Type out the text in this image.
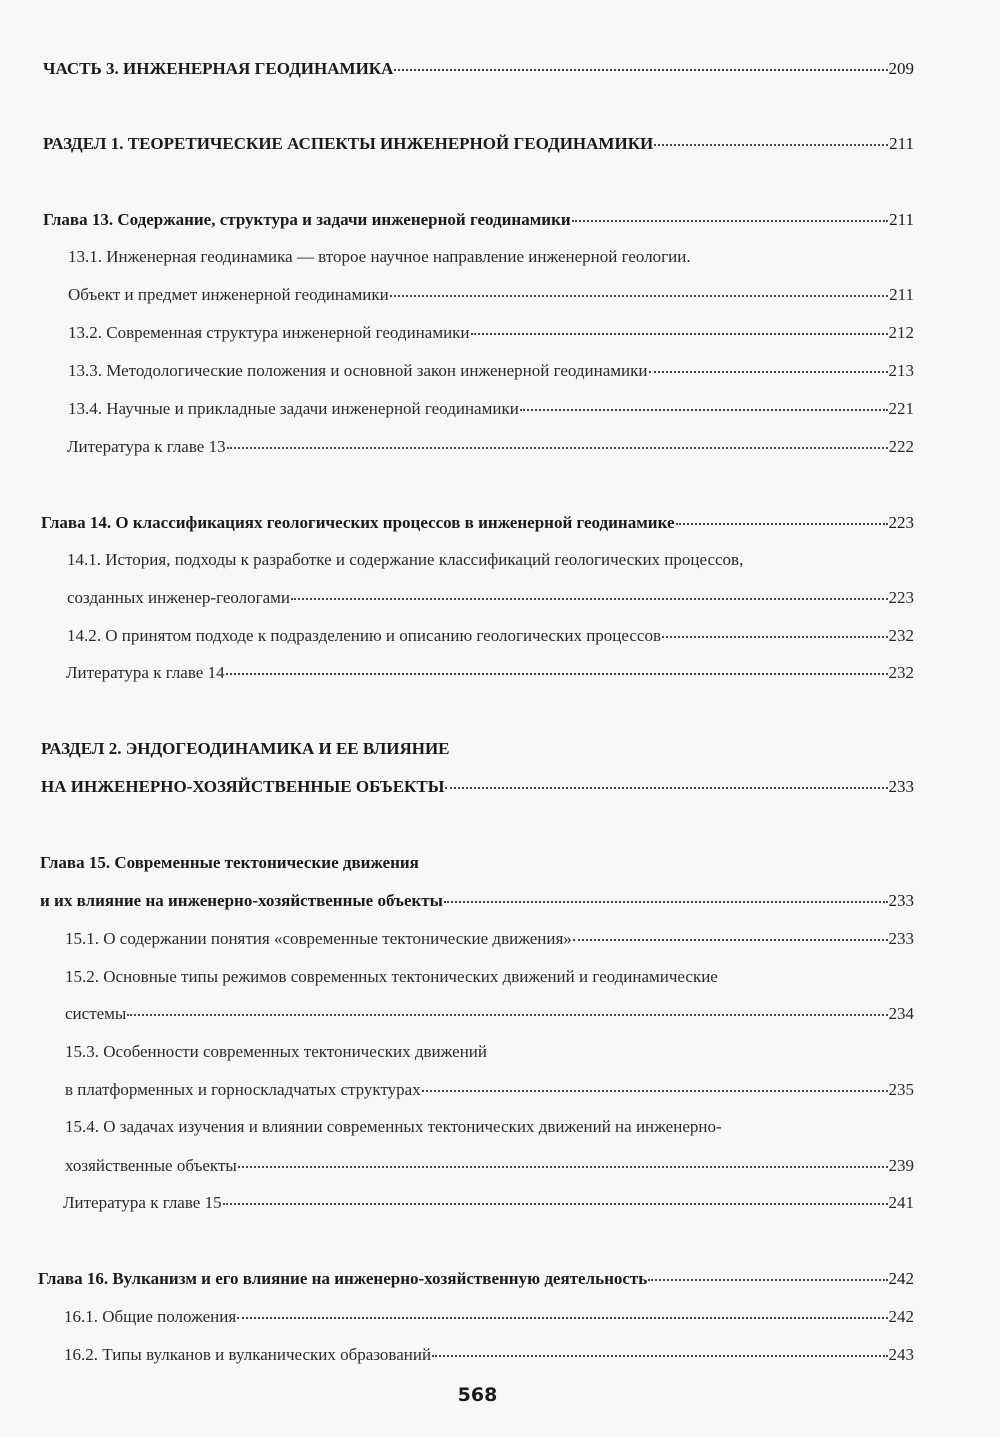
ЧАСТЬ 3. ИНЖЕНЕРНАЯ ГЕОДИНАМИКА	209
РАЗДЕЛ 1. ТЕОРЕТИЧЕСКИЕ АСПЕКТЫ ИНЖЕНЕРНОЙ ГЕОДИНАМИКИ	211
Глава 13. Содержание, структура и задачи инженерной геодинамики	211
13.1. Инженерная геодинамика — второе научное направление инженерной геологии.
Объект и предмет инженерной геодинамики	211
13.2. Современная структура инженерной геодинамики	212
13.3. Методологические положения и основной закон инженерной геодинамики	213
13.4. Научные и прикладные задачи инженерной геодинамики	221
Литература к главе 13	222
Глава 14. О классификациях геологических процессов в инженерной геодинамике	223
14.1. История, подходы к разработке и содержание классификаций геологических процессов,
созданных инженер-геологами	223
14.2. О принятом подходе к подразделению и описанию геологических процессов	232
Литература к главе 14	232
РАЗДЕЛ 2. ЭНДОГЕОДИНАМИКА И ЕЕ ВЛИЯНИЕ
НА ИНЖЕНЕРНО-ХОЗЯЙСТВЕННЫЕ ОБЪЕКТЫ	233
Глава 15. Современные тектонические движения
и их влияние на инженерно-хозяйственные объекты	233
15.1. О содержании понятия «современные тектонические движения»	233
15.2. Основные типы режимов современных тектонических движений и геодинамические
системы	234
15.3. Особенности современных тектонических движений
в платформенных и горноскладчатых структурах	235
15.4. О задачах изучения и влиянии современных тектонических движений на инженерно-
хозяйственные объекты	239
Литература к главе 15	241
Глава 16. Вулканизм и его влияние на инженерно-хозяйственную деятельность	242
16.1. Общие положения	242
16.2. Типы вулканов и вулканических образований	243
568
